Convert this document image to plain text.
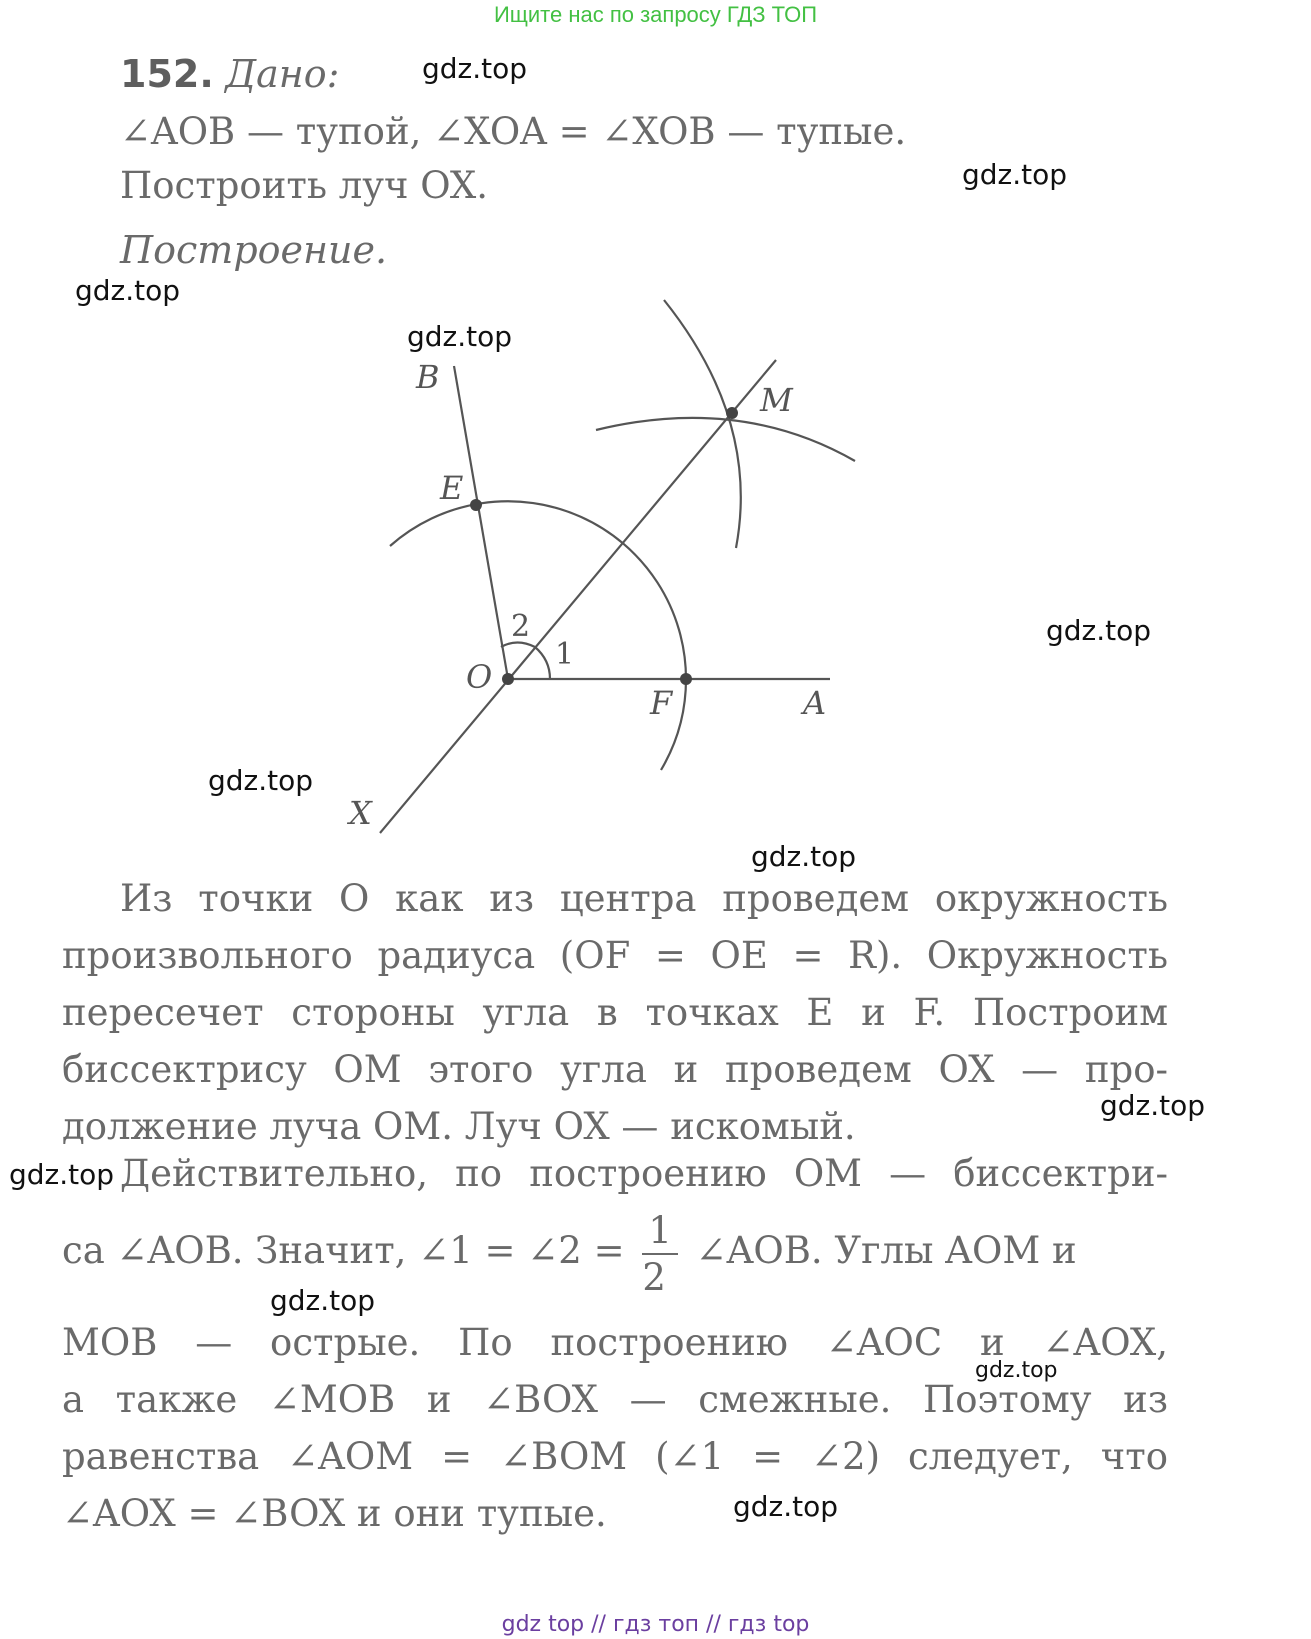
Ищите нас по запросу ГДЗ ТОП
gdz.top
gdz.top
gdz.top
gdz.top
gdz.top
gdz.top
gdz.top
gdz.top
gdz.top
gdz.top
gdz.top
gdz.top
152. Дано:
∠AOB — тупой, ∠XOA = ∠XOB — тупые.
Построить луч OX.
Построение.
B
E
M
O
F	A
X
1
2
Из точки O как из центра проведем окружность
произвольного радиуса (OF = OE = R). Окружность
пересечет стороны угла в точках E и F. Построим
биссектрису OM этого угла и проведем OX — про-
должение луча OM. Луч OX — искомый.
Действительно, по построению OM — биссектри-
са ∠AOB. Значит, ∠1 = ∠2 = $\frac{1}{2}$ ∠AOB. Углы AOM и
MOB — острые. По построению ∠AOC и ∠AOX,
а также ∠MOB и ∠BOX — смежные. Поэтому из
равенства ∠AOM = ∠BOM (∠1 = ∠2) следует, что
∠AOX = ∠BOX и они тупые.
gdz top // гдз топ // гдз top
